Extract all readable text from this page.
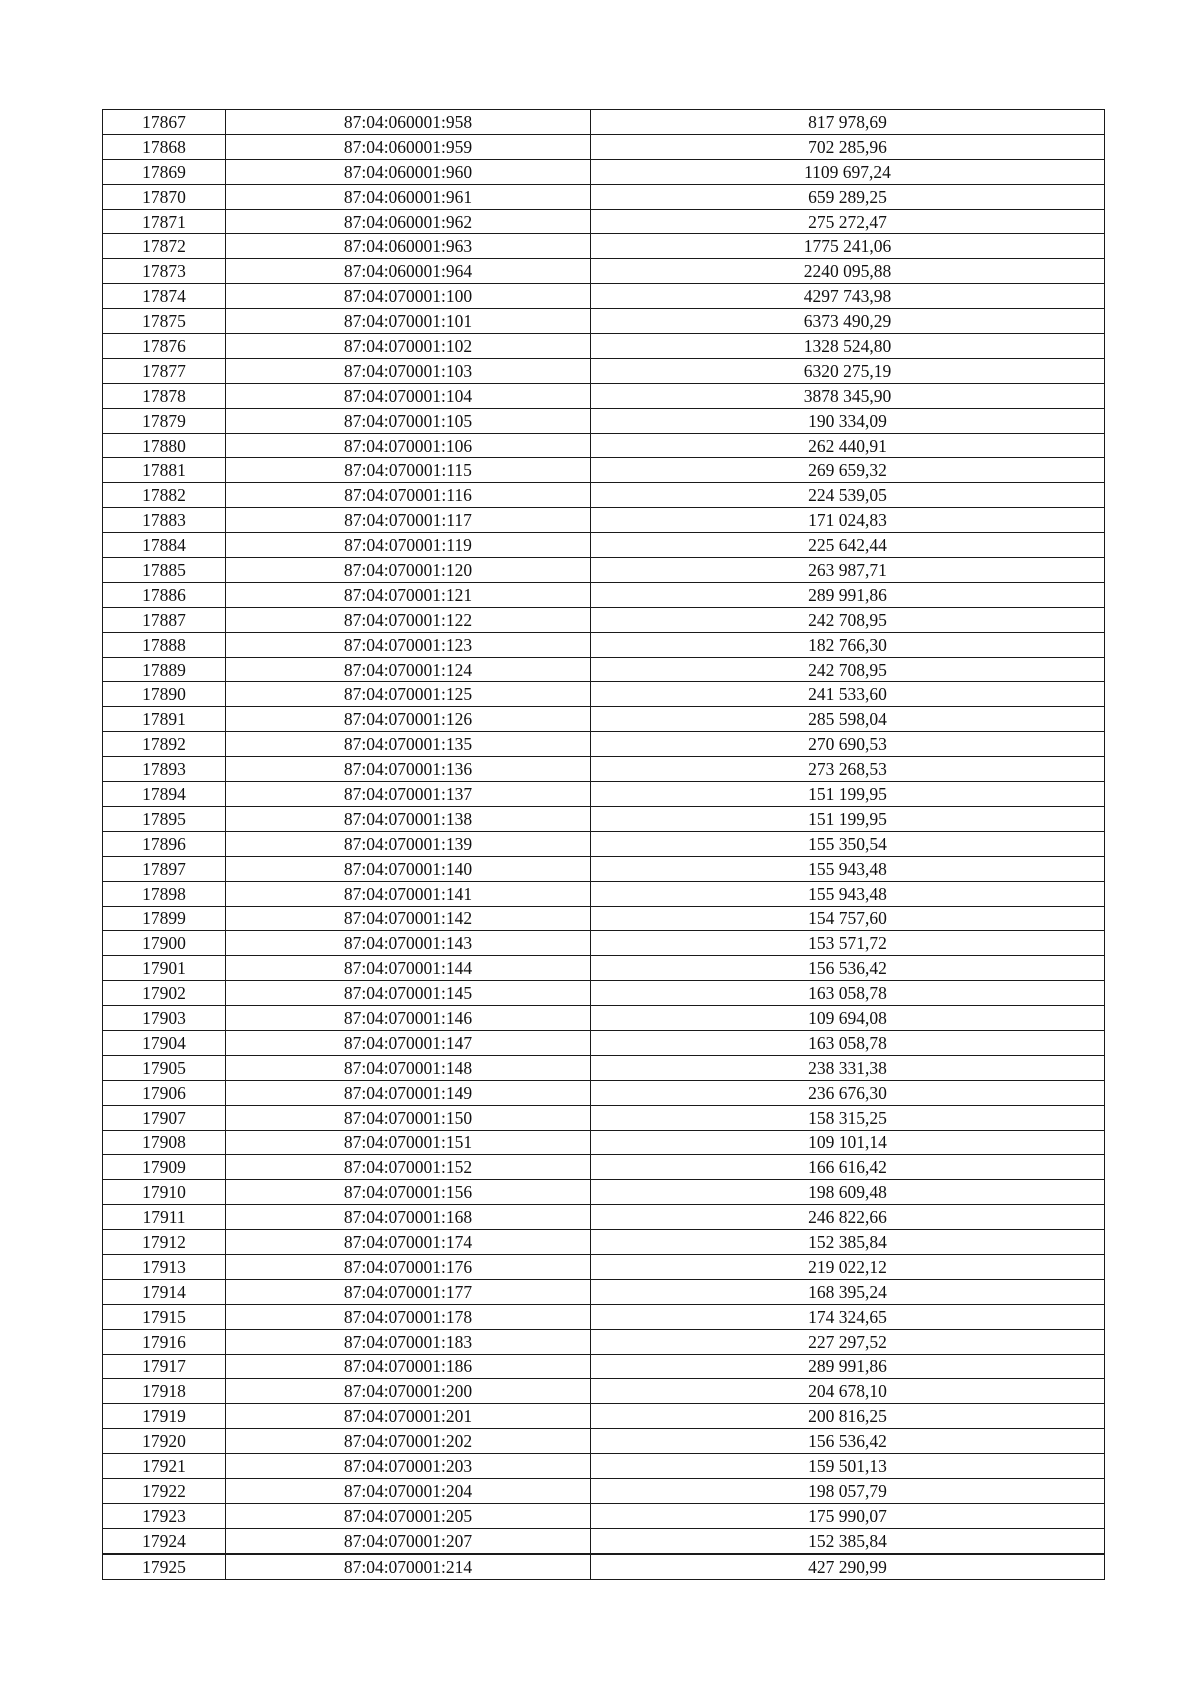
17867	87:04:060001:958	817 978,69
17868	87:04:060001:959	702 285,96
17869	87:04:060001:960	1109 697,24
17870	87:04:060001:961	659 289,25
17871	87:04:060001:962	275 272,47
17872	87:04:060001:963	1775 241,06
17873	87:04:060001:964	2240 095,88
17874	87:04:070001:100	4297 743,98
17875	87:04:070001:101	6373 490,29
17876	87:04:070001:102	1328 524,80
17877	87:04:070001:103	6320 275,19
17878	87:04:070001:104	3878 345,90
17879	87:04:070001:105	190 334,09
17880	87:04:070001:106	262 440,91
17881	87:04:070001:115	269 659,32
17882	87:04:070001:116	224 539,05
17883	87:04:070001:117	171 024,83
17884	87:04:070001:119	225 642,44
17885	87:04:070001:120	263 987,71
17886	87:04:070001:121	289 991,86
17887	87:04:070001:122	242 708,95
17888	87:04:070001:123	182 766,30
17889	87:04:070001:124	242 708,95
17890	87:04:070001:125	241 533,60
17891	87:04:070001:126	285 598,04
17892	87:04:070001:135	270 690,53
17893	87:04:070001:136	273 268,53
17894	87:04:070001:137	151 199,95
17895	87:04:070001:138	151 199,95
17896	87:04:070001:139	155 350,54
17897	87:04:070001:140	155 943,48
17898	87:04:070001:141	155 943,48
17899	87:04:070001:142	154 757,60
17900	87:04:070001:143	153 571,72
17901	87:04:070001:144	156 536,42
17902	87:04:070001:145	163 058,78
17903	87:04:070001:146	109 694,08
17904	87:04:070001:147	163 058,78
17905	87:04:070001:148	238 331,38
17906	87:04:070001:149	236 676,30
17907	87:04:070001:150	158 315,25
17908	87:04:070001:151	109 101,14
17909	87:04:070001:152	166 616,42
17910	87:04:070001:156	198 609,48
17911	87:04:070001:168	246 822,66
17912	87:04:070001:174	152 385,84
17913	87:04:070001:176	219 022,12
17914	87:04:070001:177	168 395,24
17915	87:04:070001:178	174 324,65
17916	87:04:070001:183	227 297,52
17917	87:04:070001:186	289 991,86
17918	87:04:070001:200	204 678,10
17919	87:04:070001:201	200 816,25
17920	87:04:070001:202	156 536,42
17921	87:04:070001:203	159 501,13
17922	87:04:070001:204	198 057,79
17923	87:04:070001:205	175 990,07
17924	87:04:070001:207	152 385,84
17925	87:04:070001:214	427 290,99
